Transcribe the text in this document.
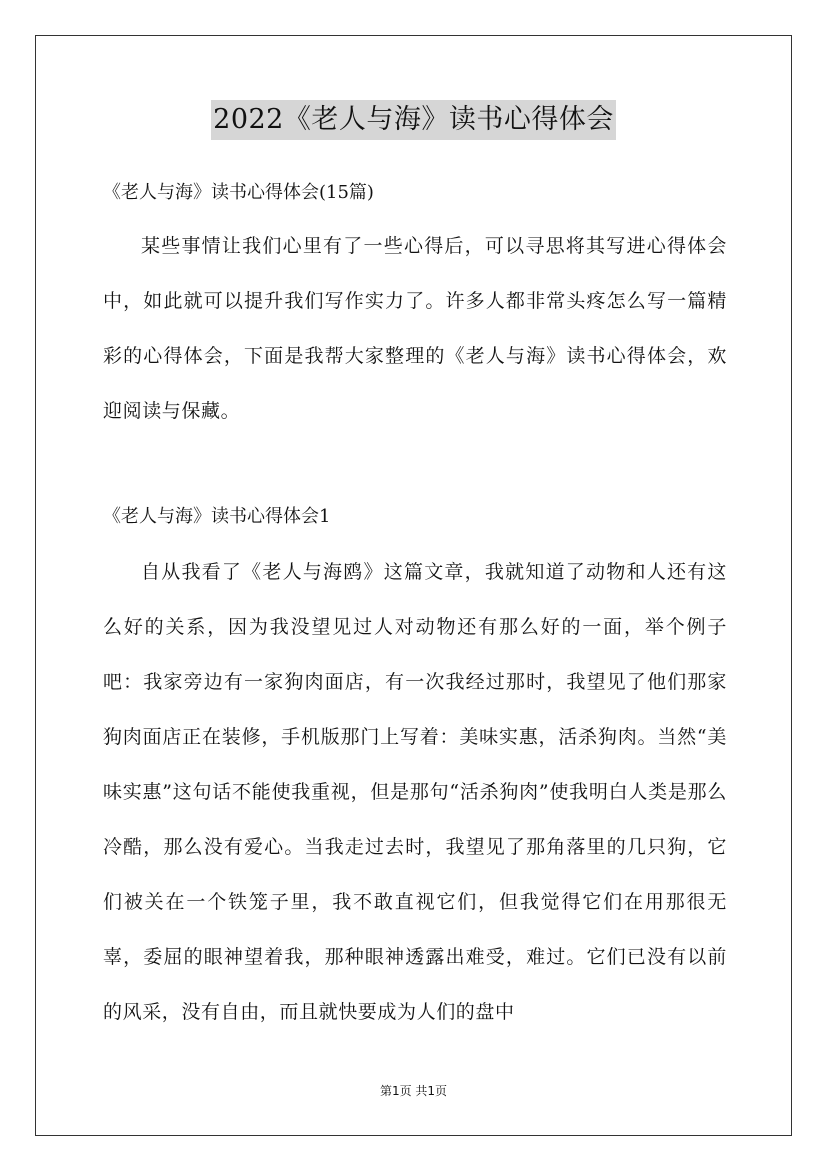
2022《老人与海》读书心得体会
《老人与海》读书心得体会(15篇)

某些事情让我们心里有了一些心得后，可以寻思将其写进心得体会中，如此就可以提升我们写作实力了。许多人都非常头疼怎么写一篇精彩的心得体会，下面是我帮大家整理的《老人与海》读书心得体会，欢迎阅读与保藏。

《老人与海》读书心得体会1

自从我看了《老人与海鸥》这篇文章，我就知道了动物和人还有这么好的关系，因为我没望见过人对动物还有那么好的一面，举个例子吧：我家旁边有一家狗肉面店，有一次我经过那时，我望见了他们那家狗肉面店正在装修，手机版那门上写着：美味实惠，活杀狗肉。当然“美味实惠”这句话不能使我重视，但是那句“活杀狗肉”使我明白人类是那么冷酷，那么没有爱心。当我走过去时，我望见了那角落里的几只狗，它们被关在一个铁笼子里，我不敢直视它们，但我觉得它们在用那很无辜，委屈的眼神望着我，那种眼神透露出难受，难过。它们已没有以前的风采，没有自由，而且就快要成为人们的盘中

第1页 共1页
